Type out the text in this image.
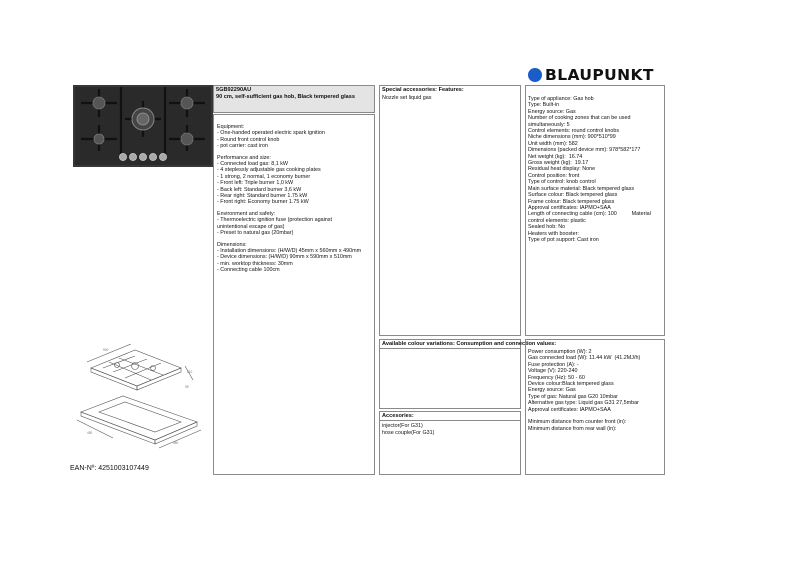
BLAUPUNKT
5GB92290AU
90 cm, self-sufficient gas hob, Black tempered glass
Equipment:
- One-handed operated electric spark ignition
- Round front control knob
- pot carrier: cast iron
Performance and size:
- Connected load gas: 8,1 kW
- 4 steplessly adjustable gas cooking plates
- 1 strong, 2 normal, 1 economy burner
- Front left: Triple burner 1,0 kW
- Back left: Standard burner 3,6 kW
- Rear right: Standard burner 1.75 kW
- Front right: Economy burner 1.75 kW
Environment and safety:
- Thermoelectric ignition fuse (protection against
unintentional escape of gas)
- Preset to natural gas (20mbar)
Dimensions:
- Installation dimensions: (H/W/D) 45mm x 560mm x 490mm
- Device dimensions: (H/W/D) 90mm x 590mm x 510mm
- min. worktop thickness: 30mm
- Connecting cable 100cm
Special accessories: Features:
Nozzle set liquid gas
Available colour variations: Consumption and connection values:
Accesories:
injector(For G31)
hose couple(For G31)
Type of appliance: Gas hob
Type: Built-in
Energy source: Gas
Number of cooking zones that can be used
simultaneously: 5
Control elements: round control knobs
Niche dimensions (mm): 900*510*99
Unit width (mm): 582
Dimensions (packed device mm): 978*582*177
Net weight (kg):  16.74
Gross weight (kg):  19.17
Residual heat display: None
Control position: front
Type of control: knob control
Main surface material: Black tempered glass
Surface colour: Black tempered glass
Frame colour: Black tempered glass
Approval certificates: IAPMO+SAA
Length of connecting cable (cm): 100          Material
control elements: plastic
Sealed hob: No
Heaters with booster:
Type of pot support: Cast iron
Power consumption (W): 2
Gas connected load (W): 11.44 kW  (41.2MJ/h)
Fuse protection (A): -
Voltage (V): 220-240
Frequency (Hz): 50 - 60
Device colour:Black tempered glass
Energy source: Gas
Type of gas: Natural gas G20 10mbar
Alternative gas type: Liquid gas G31 27,5mbar
Approval certificates: IAPMO+SAA
Minimum distance from counter front (in):
Minimum distance from rear wall (in):
900
510
490
560
99
EAN-Nº: 4251003107449
